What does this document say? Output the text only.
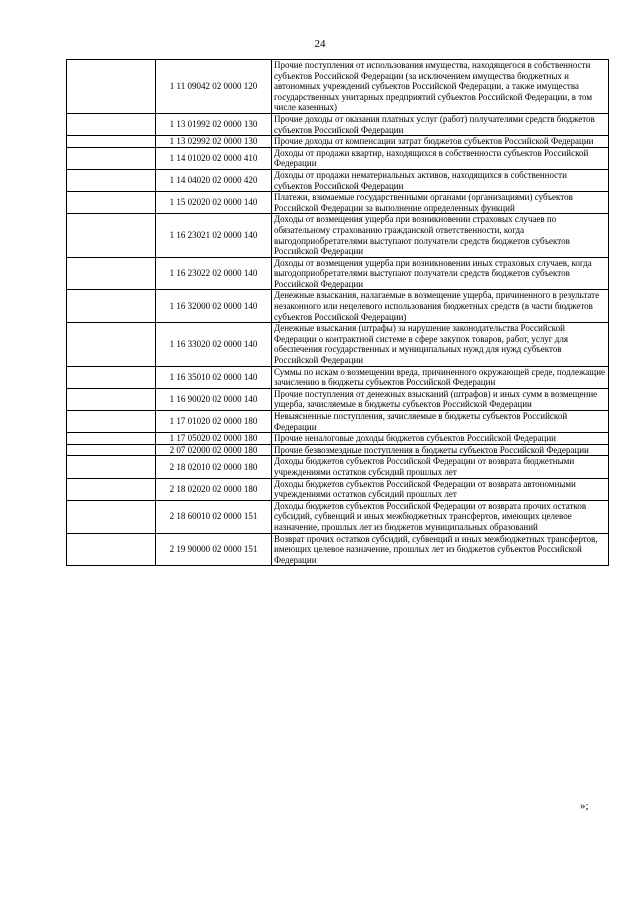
24
	1 11 09042 02 0000 120	Прочие поступления от использования имущества, находящегося в собственности субъектов Российской Федерации (за исключением имущества бюджетных и автономных учреждений субъектов Российской Федерации, а также имущества государственных унитарных предприятий субъектов Российской Федерации, в том числе казенных)
	1 13 01992 02 0000 130	Прочие доходы от оказания платных услуг (работ) получателями средств бюджетов субъектов Российской Федерации
	1 13 02992 02 0000 130	Прочие доходы от компенсации затрат бюджетов субъектов Российской Федерации
	1 14 01020 02 0000 410	Доходы от продажи квартир, находящихся в собственности субъектов Российской Федерации
	1 14 04020 02 0000 420	Доходы от продажи нематериальных активов, находящихся в собственности субъектов Российской Федерации
	1 15 02020 02 0000 140	Платежи, взимаемые государственными органами (организациями) субъектов Российской Федерации за выполнение определенных функций
	1 16 23021 02 0000 140	Доходы от возмещения ущерба при возникновении страховых случаев по обязательному страхованию гражданской ответственности, когда выгодоприобретателями выступают получатели средств бюджетов субъектов Российской Федерации
	1 16 23022 02 0000 140	Доходы от возмещения ущерба при возникновении иных страховых случаев, когда выгодоприобретателями выступают получатели средств бюджетов субъектов Российской Федерации
	1 16 32000 02 0000 140	Денежные взыскания, налагаемые в возмещение ущерба, причиненного в результате незаконного или нецелевого использования бюджетных средств (в части бюджетов субъектов Российской Федерации)
	1 16 33020 02 0000 140	Денежные взыскания (штрафы) за нарушение законодательства Российской Федерации о контрактной системе в сфере закупок товаров, работ, услуг для обеспечения государственных и муниципальных нужд для нужд субъектов Российской Федерации
	1 16 35010 02 0000 140	Суммы по искам о возмещении вреда, причиненного окружающей среде, подлежащие зачислению в бюджеты субъектов Российской Федерации
	1 16 90020 02 0000 140	Прочие поступления от денежных взысканий (штрафов) и иных сумм в возмещение ущерба, зачисляемые в бюджеты субъектов Российской Федерации
	1 17 01020 02 0000 180	Невыясненные поступления, зачисляемые в бюджеты субъектов Российской Федерации
	1 17 05020 02 0000 180	Прочие неналоговые доходы бюджетов субъектов Российской Федерации
	2 07 02000 02 0000 180	Прочие безвозмездные поступления в бюджеты субъектов Российской Федерации
	2 18 02010 02 0000 180	Доходы бюджетов субъектов Российской Федерации от возврата бюджетными учреждениями остатков субсидий прошлых лет
	2 18 02020 02 0000 180	Доходы бюджетов субъектов Российской Федерации от возврата автономными учреждениями остатков субсидий прошлых лет
	2 18 60010 02 0000 151	Доходы бюджетов субъектов Российской Федерации от возврата прочих остатков субсидий, субвенций и иных межбюджетных трансфертов, имеющих целевое назначение, прошлых лет из бюджетов муниципальных образований
	2 19 90000 02 0000 151	Возврат прочих остатков субсидий, субвенций и иных межбюджетных трансфертов, имеющих целевое назначение, прошлых лет из бюджетов субъектов Российской Федерации
»;
